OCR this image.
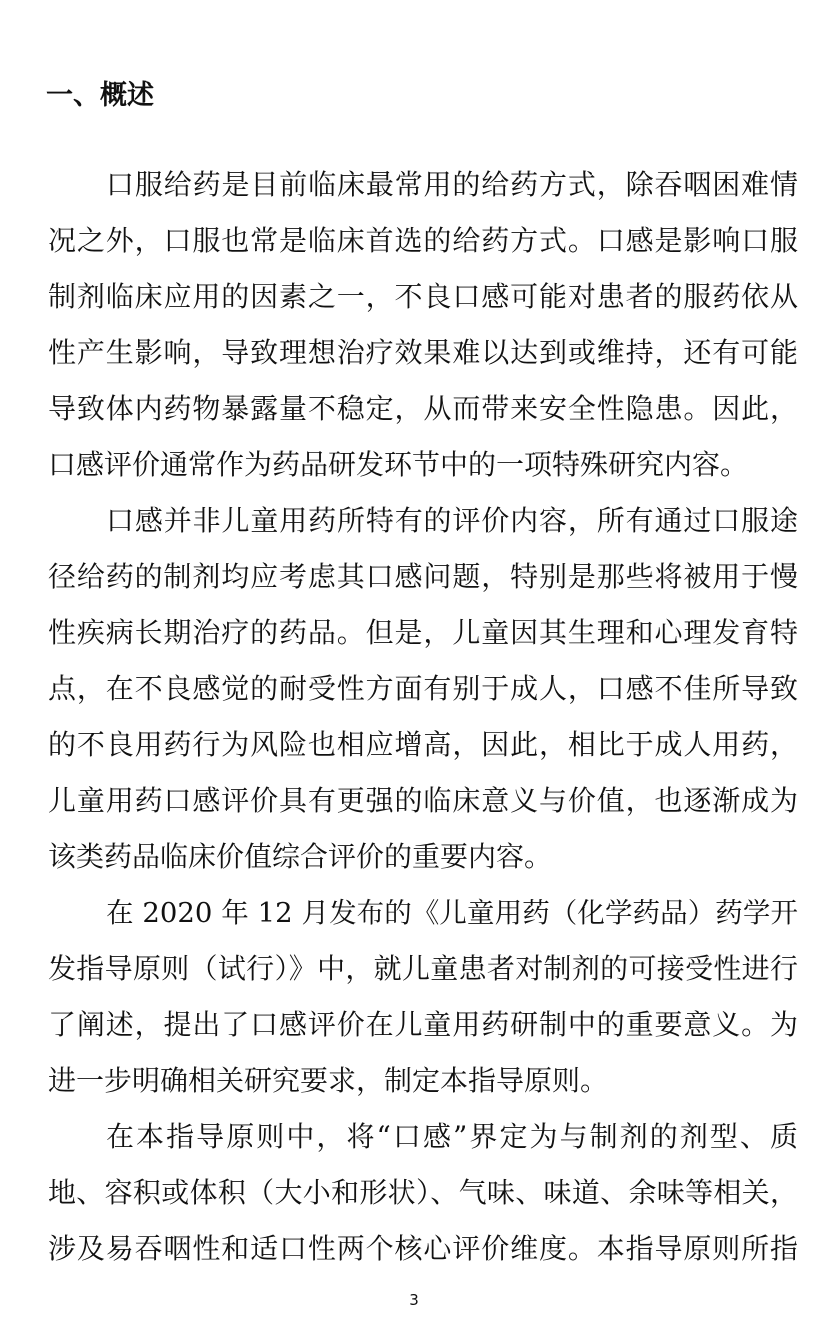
一、概述
口服给药是目前临床最常用的给药方式，除吞咽困难情
况之外，口服也常是临床首选的给药方式。口感是影响口服
制剂临床应用的因素之一，不良口感可能对患者的服药依从
性产生影响，导致理想治疗效果难以达到或维持，还有可能
导致体内药物暴露量不稳定，从而带来安全性隐患。因此，
口感评价通常作为药品研发环节中的一项特殊研究内容。
口感并非儿童用药所特有的评价内容，所有通过口服途
径给药的制剂均应考虑其口感问题，特别是那些将被用于慢
性疾病长期治疗的药品。但是，儿童因其生理和心理发育特
点，在不良感觉的耐受性方面有别于成人，口感不佳所导致
的不良用药行为风险也相应增高，因此，相比于成人用药，
儿童用药口感评价具有更强的临床意义与价值，也逐渐成为
该类药品临床价值综合评价的重要内容。
在 2020 年 12 月发布的《儿童用药（化学药品）药学开
发指导原则（试行）》中，就儿童患者对制剂的可接受性进行
了阐述，提出了口感评价在儿童用药研制中的重要意义。为
进一步明确相关研究要求，制定本指导原则。
在本指导原则中，将“口感”界定为与制剂的剂型、质
地、容积或体积（大小和形状）、气味、味道、余味等相关，
涉及易吞咽性和适口性两个核心评价维度。本指导原则所指
3
